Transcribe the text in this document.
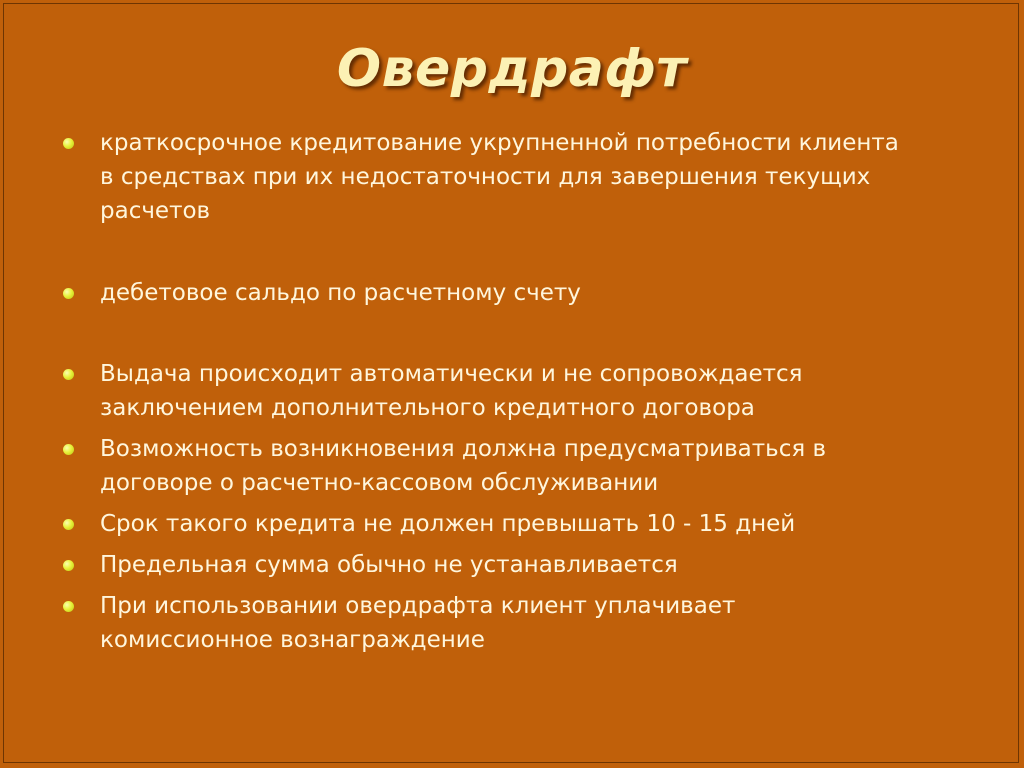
Овердрафт
краткосрочное кредитование укрупненной потребности клиента
в средствах при их недостаточности для завершения текущих
расчетов
дебетовое сальдо по расчетному счету
Выдача происходит автоматически и не сопровождается
заключением дополнительного кредитного договора
Возможность возникновения должна предусматриваться в
договоре о расчетно-кассовом обслуживании
Срок такого кредита не должен превышать 10 - 15 дней
Предельная сумма обычно не устанавливается
При использовании овердрафта клиент уплачивает
комиссионное вознаграждение
